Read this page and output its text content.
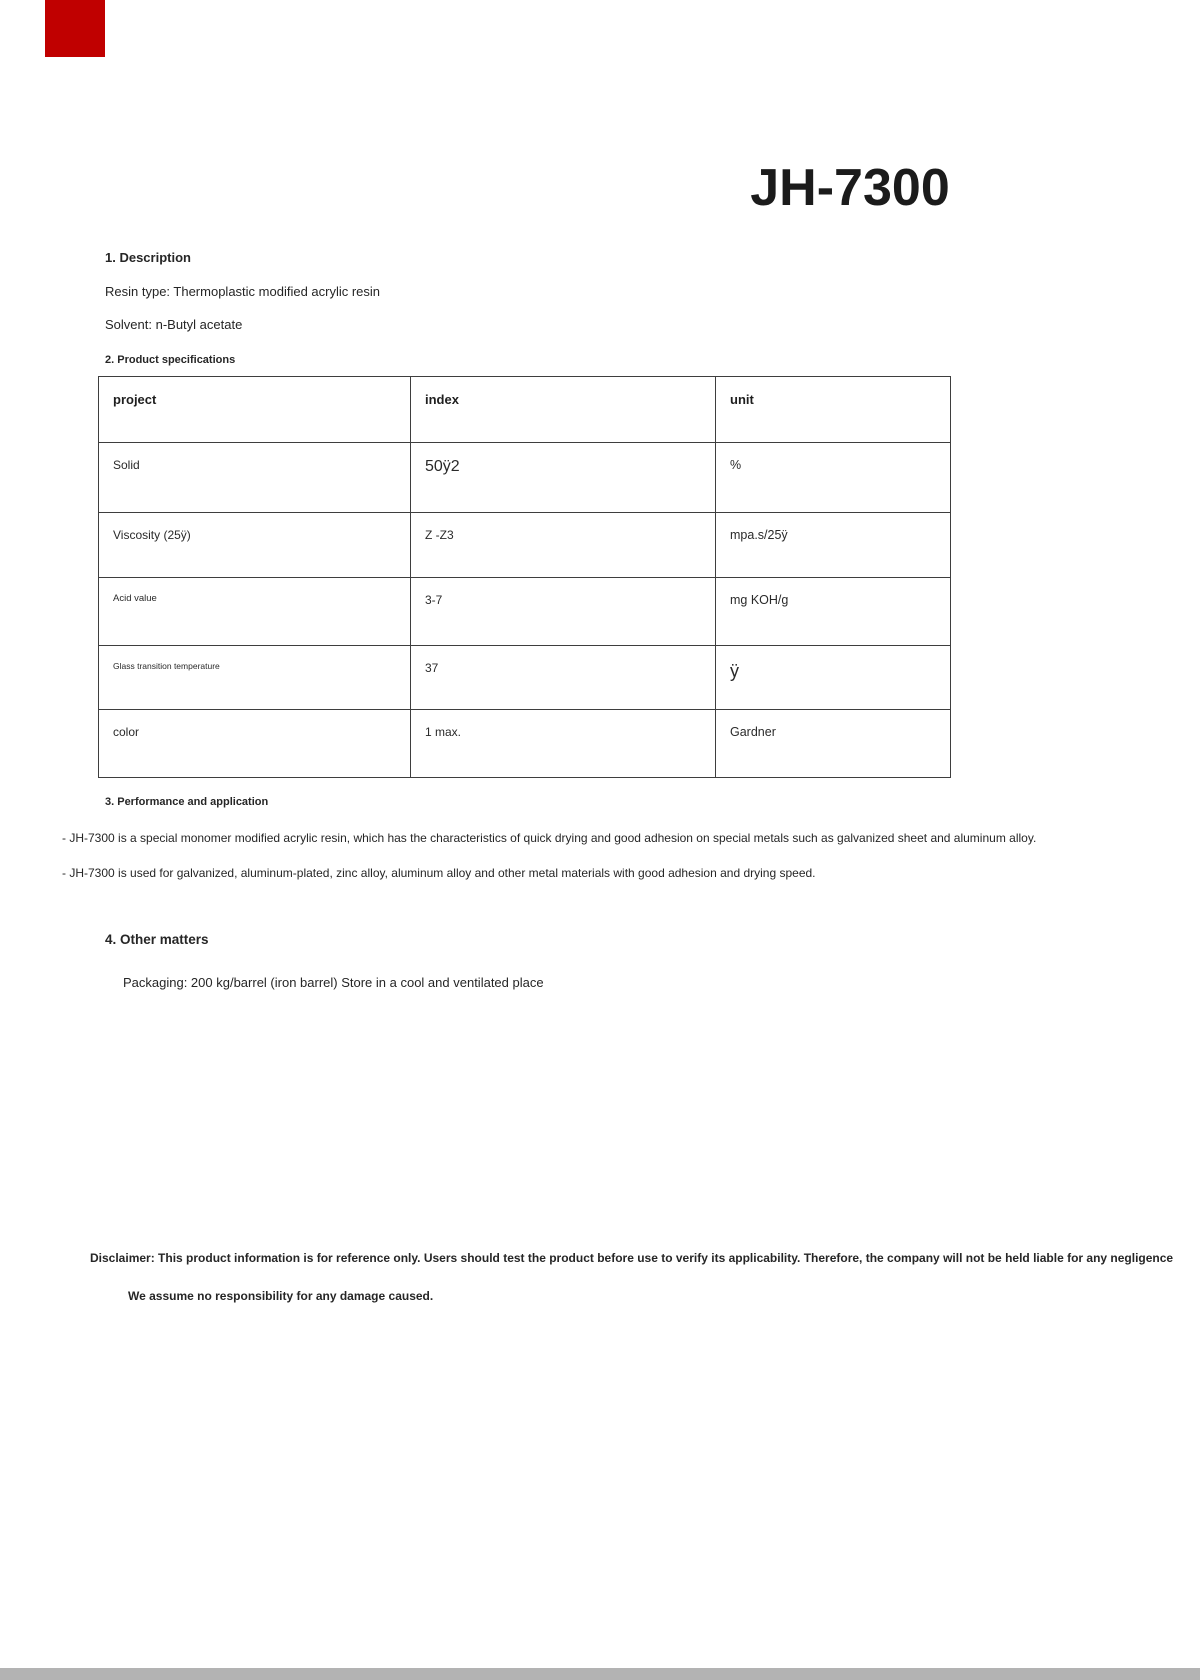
JH-7300
1. Description
Resin type: Thermoplastic modified acrylic resin
Solvent: n-Butyl acetate
2. Product specifications
project	index	unit
Solid	50ÿ2	%
Viscosity (25ÿ)	Z -Z3	mpa.s/25ÿ
Acid value	3-7	mg KOH/g
Glass transition temperature	37	ÿ
color	1 max.	Gardner
3. Performance and application
- JH-7300 is a special monomer modified acrylic resin, which has the characteristics of quick drying and good adhesion on special metals such as galvanized sheet and aluminum alloy.
- JH-7300 is used for galvanized, aluminum-plated, zinc alloy, aluminum alloy and other metal materials with good adhesion and drying speed.
4. Other matters
Packaging: 200 kg/barrel (iron barrel) Store in a cool and ventilated place
Disclaimer: This product information is for reference only. Users should test the product before use to verify its applicability. Therefore, the company will not be held liable for any negligence
We assume no responsibility for any damage caused.
